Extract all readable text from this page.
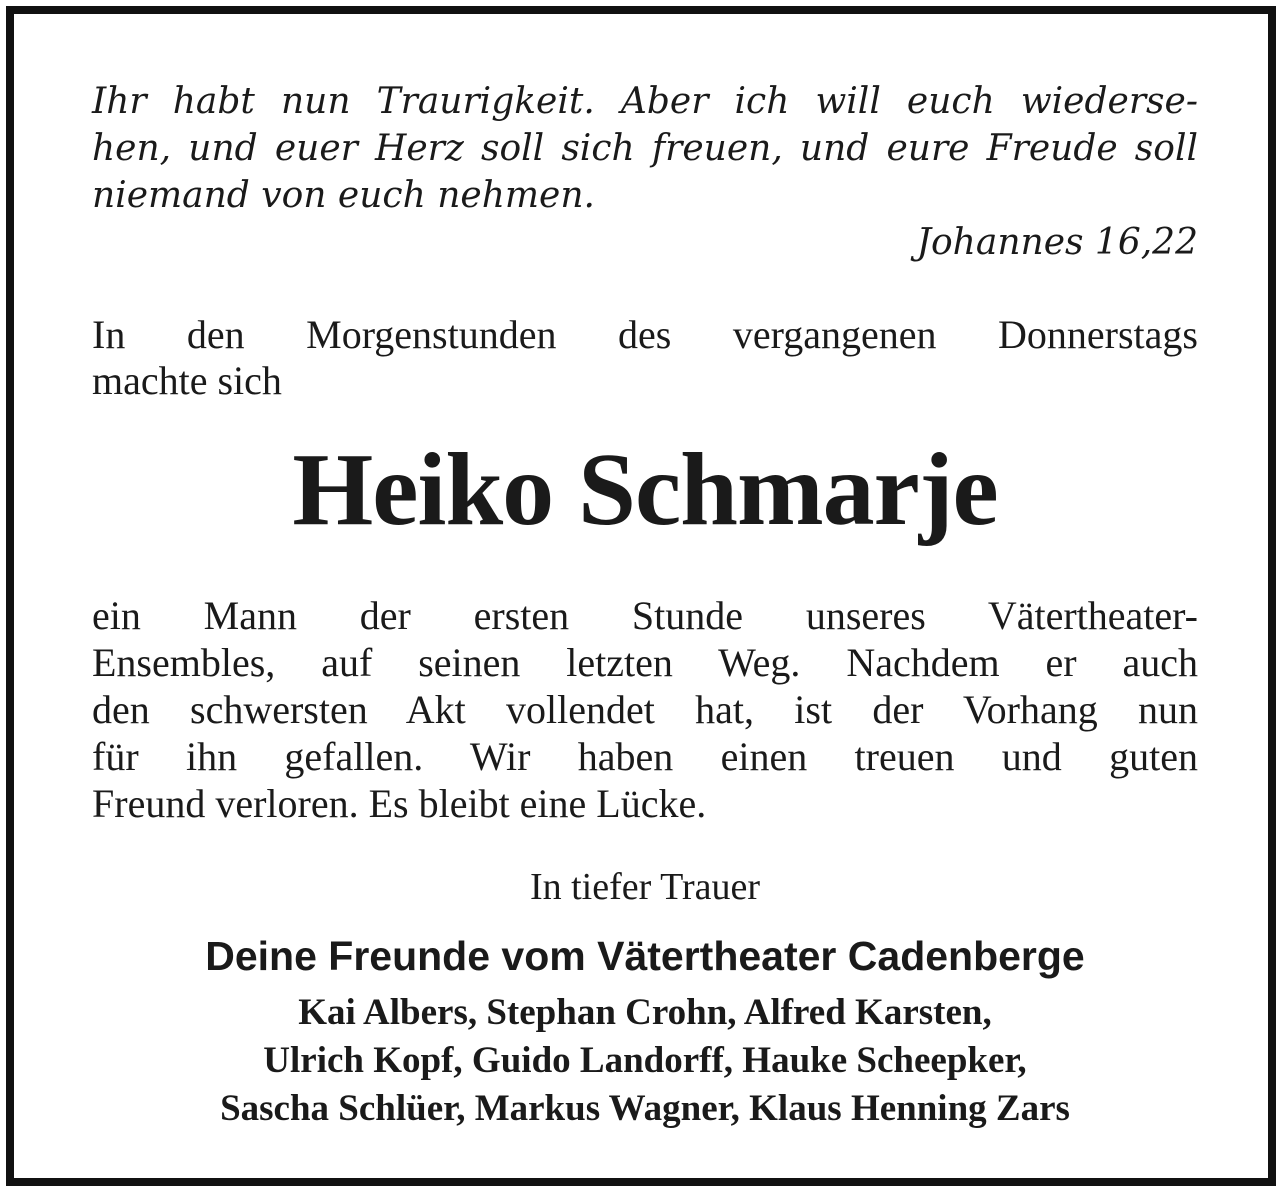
Ihr habt nun Traurigkeit. Aber ich will euch wiederse-
hen, und euer Herz soll sich freuen, und eure Freude soll
niemand von euch nehmen.
Johannes 16,22
In den Morgenstunden des vergangenen Donnerstags
machte sich
Heiko Schmarje
ein Mann der ersten Stunde unseres Vätertheater-
Ensembles, auf seinen letzten Weg. Nachdem er auch
den schwersten Akt vollendet hat, ist der Vorhang nun
für ihn gefallen. Wir haben einen treuen und guten
Freund verloren. Es bleibt eine Lücke.
In tiefer Trauer
Deine Freunde vom Vätertheater Cadenberge
Kai Albers, Stephan Crohn, Alfred Karsten,
Ulrich Kopf, Guido Landorff, Hauke Scheepker,
Sascha Schlüer, Markus Wagner, Klaus Henning Zars
